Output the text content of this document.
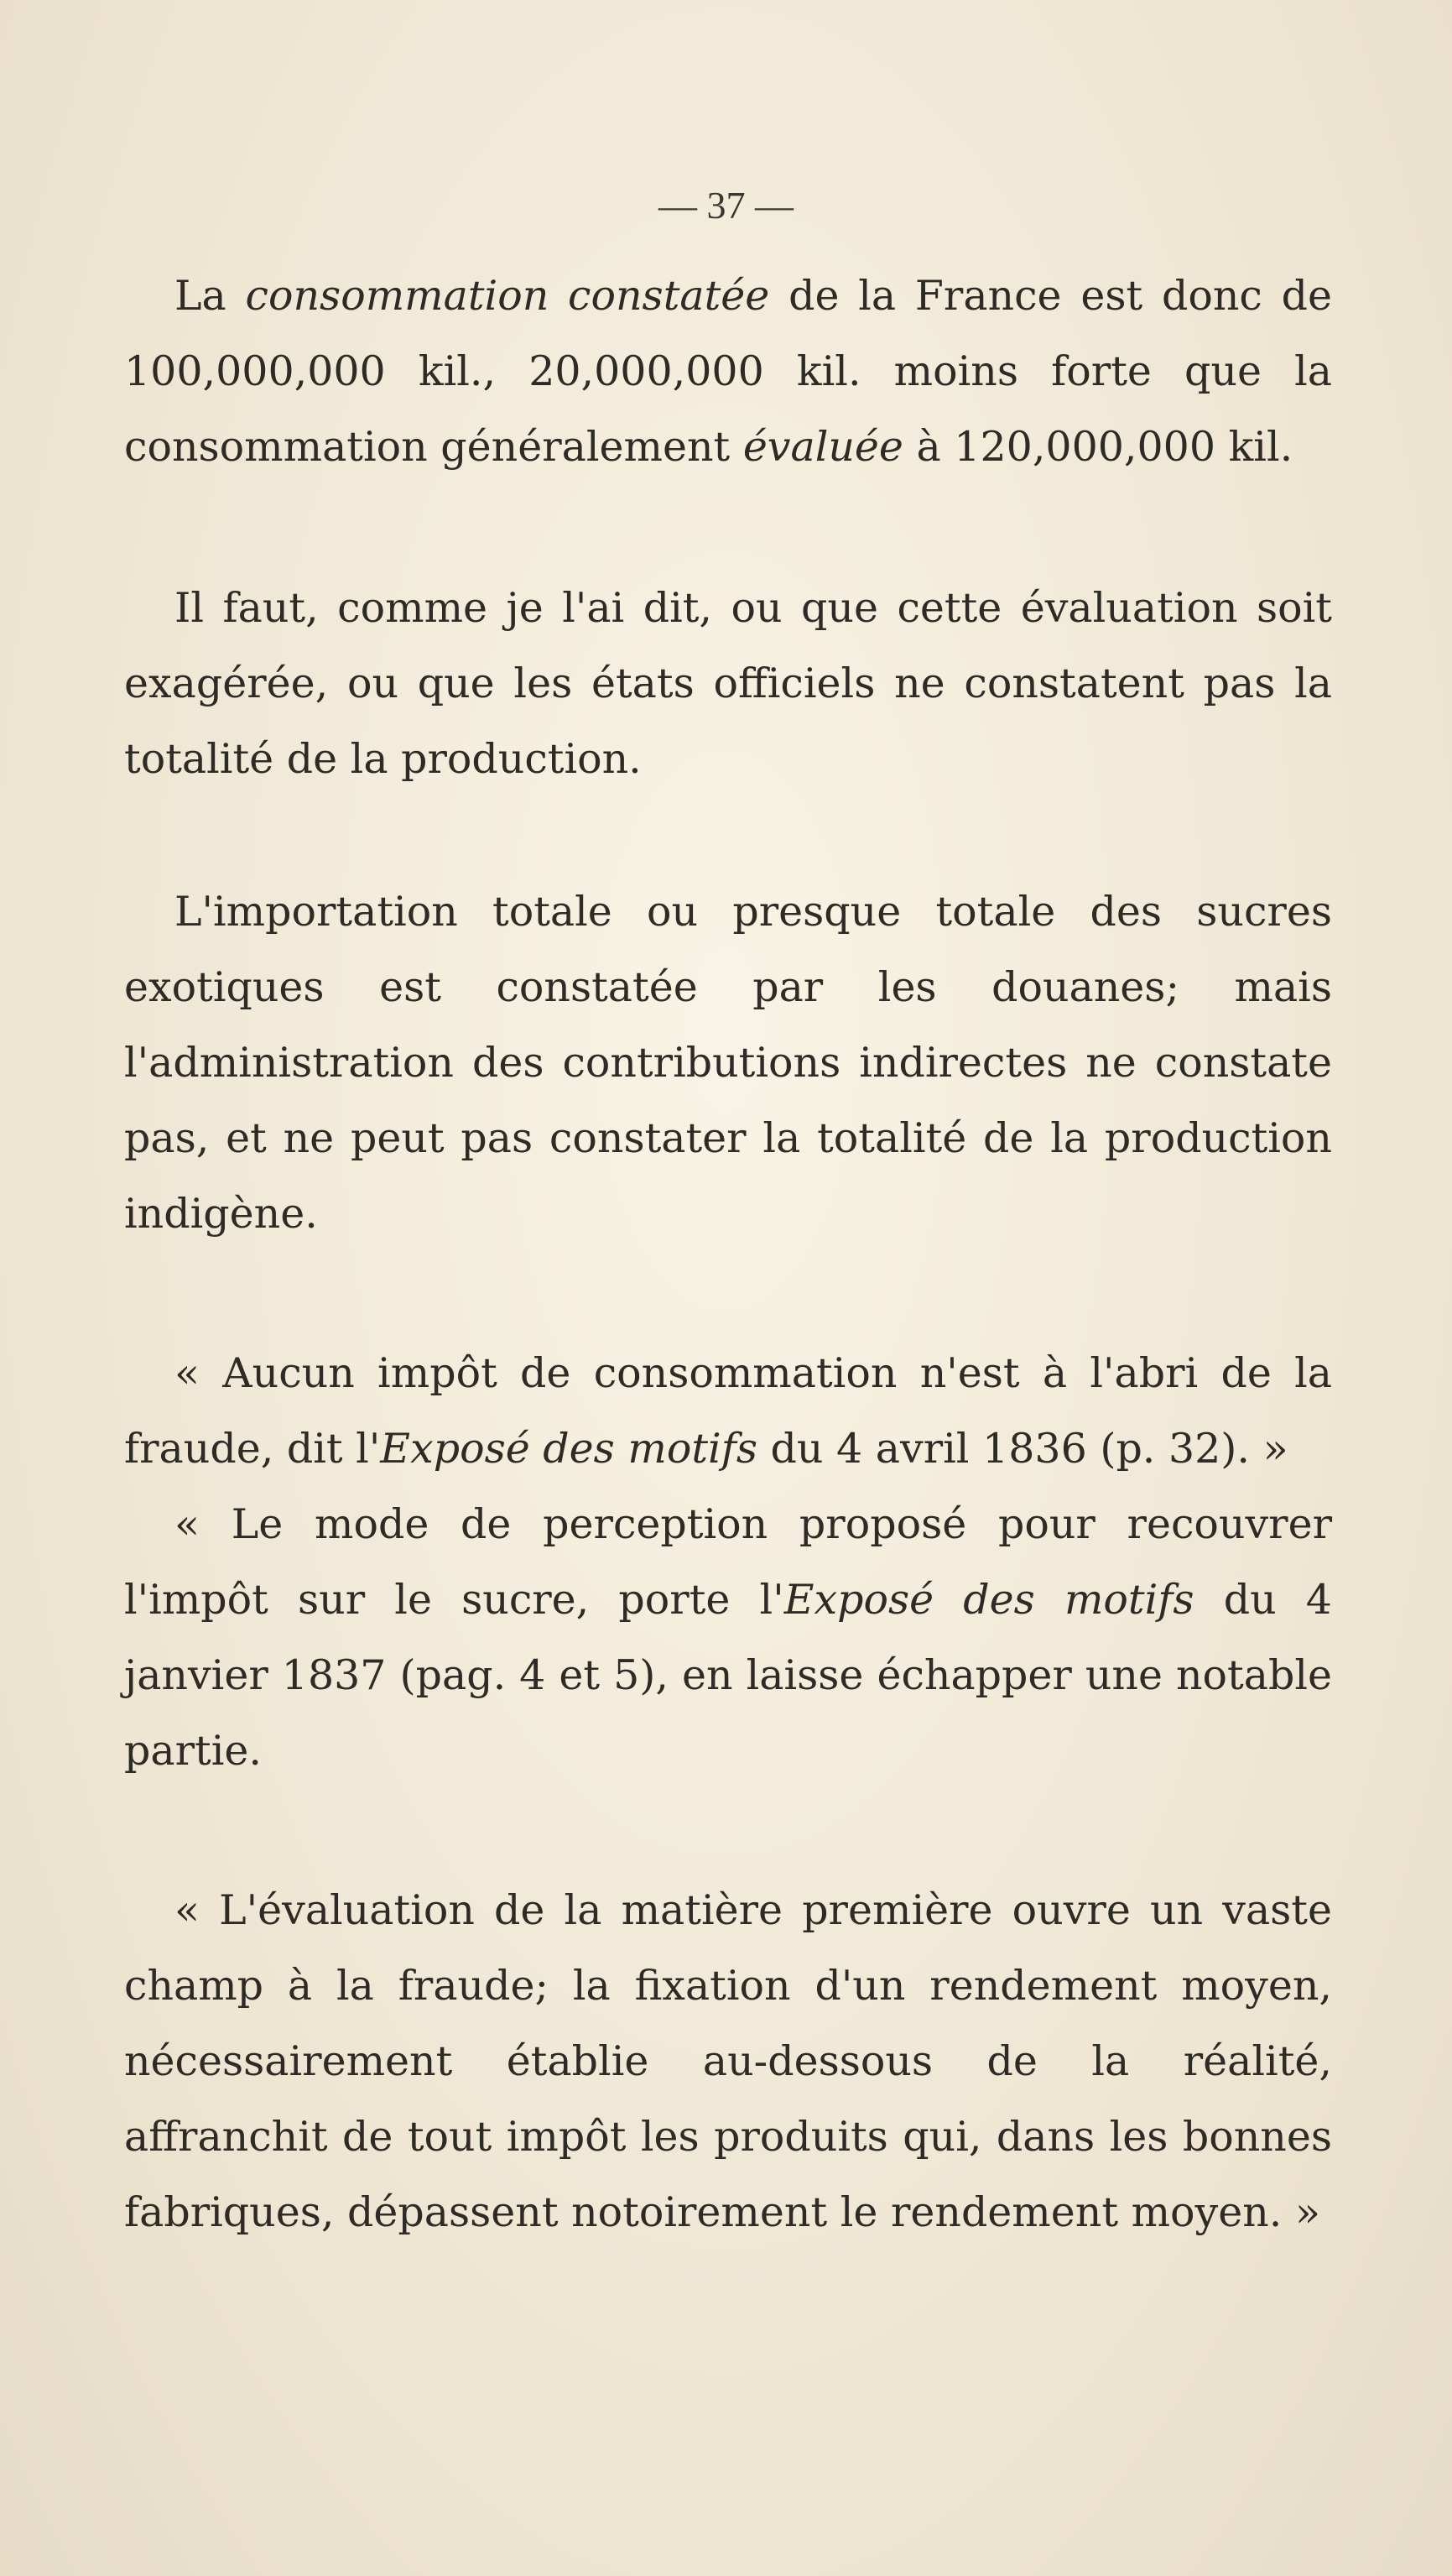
— 37 —

La consommation constatée de la France est donc de 100,000,000 kil., 20,000,000 kil. moins forte que la consommation généralement évaluée à 120,000,000 kil.

Il faut, comme je l'ai dit, ou que cette évaluation soit exagérée, ou que les états officiels ne constatent pas la totalité de la production.

L'importation totale ou presque totale des sucres exotiques est constatée par les douanes; mais l'administration des contributions indirectes ne constate pas, et ne peut pas constater la totalité de la production indigène.

« Aucun impôt de consommation n'est à l'abri de la fraude, dit l'Exposé des motifs du 4 avril 1836 (p. 32). »

« Le mode de perception proposé pour recouvrer l'impôt sur le sucre, porte l'Exposé des motifs du 4 janvier 1837 (pag. 4 et 5), en laisse échapper une notable partie.

« L'évaluation de la matière première ouvre un vaste champ à la fraude; la fixation d'un rendement moyen, nécessairement établie au-dessous de la réalité, affranchit de tout impôt les produits qui, dans les bonnes fabriques, dépassent notoirement le rendement moyen. »
